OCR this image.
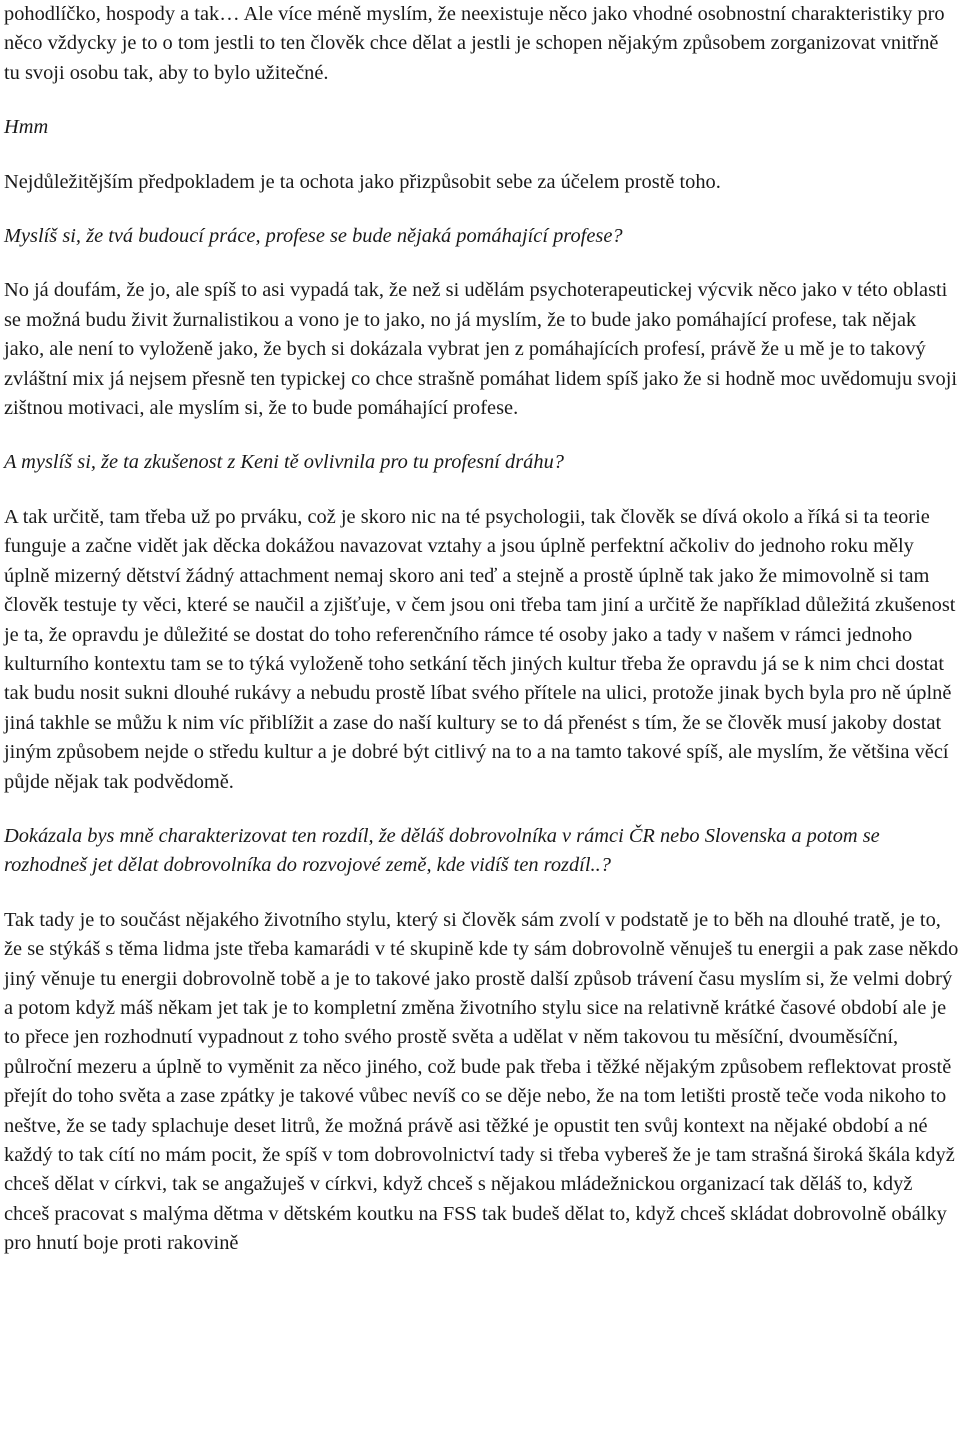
pohodlíčko, hospody a tak… Ale více méně myslím, že neexistuje něco jako vhodné osobnostní charakteristiky pro něco vždycky je to o tom jestli to ten člověk chce dělat a jestli je schopen nějakým způsobem zorganizovat vnitřně tu svoji osobu tak, aby to bylo užitečné.

Hmm

Nejdůležitějším předpokladem je ta ochota jako přizpůsobit sebe za účelem prostě toho.

Myslíš si, že tvá budoucí práce, profese se bude nějaká pomáhající profese?

No já doufám, že jo, ale spíš to asi vypadá tak, že než si udělám psychoterapeutickej výcvik něco jako v této oblasti se možná budu živit žurnalistikou a vono je to jako, no já myslím, že to bude jako pomáhající profese, tak nějak jako, ale není to vyloženě jako, že bych si dokázala vybrat jen z pomáhajících profesí, právě že u mě je to takový zvláštní mix já nejsem přesně ten typickej co chce strašně pomáhat lidem spíš jako že si hodně moc uvědomuju svoji zištnou motivaci, ale myslím si, že to bude pomáhající profese.

A myslíš si, že ta zkušenost z Keni tě ovlivnila pro tu profesní dráhu?

A tak určitě, tam třeba už po prváku, což je skoro nic na té psychologii, tak člověk se dívá okolo a říká si ta teorie funguje a začne vidět jak děcka dokážou navazovat vztahy a jsou úplně perfektní ačkoliv do jednoho roku měly úplně mizerný dětství žádný attachment nemaj skoro ani teď a stejně a prostě úplně tak jako že mimovolně si tam člověk testuje ty věci, které se naučil a zjišťuje, v čem jsou oni třeba tam jiní a určitě že například důležitá zkušenost je ta, že opravdu je důležité se dostat do toho referenčního rámce té osoby jako a tady v našem v rámci jednoho kulturního kontextu tam se to týká vyloženě toho setkání těch jiných kultur třeba že opravdu já se k nim chci dostat tak budu nosit sukni dlouhé rukávy a nebudu prostě líbat svého přítele na ulici, protože jinak bych byla pro ně úplně jiná takhle se můžu k nim víc přiblížit a zase do naší kultury se to dá přenést s tím, že se člověk musí jakoby dostat jiným způsobem nejde o středu kultur a je dobré být citlivý na to a na tamto takové spíš, ale myslím, že většina věcí půjde nějak tak podvědomě.

Dokázala bys mně charakterizovat ten rozdíl, že děláš dobrovolníka v rámci ČR nebo Slovenska a potom se rozhodneš jet dělat dobrovolníka do rozvojové země, kde vidíš ten rozdíl..?

Tak tady je to součást nějakého životního stylu, který si člověk sám zvolí v podstatě je to běh na dlouhé tratě, je to, že se stýkáš s těma lidma jste třeba kamarádi v té skupině kde ty sám dobrovolně věnuješ tu energii a pak zase někdo jiný věnuje tu energii dobrovolně tobě a je to takové jako prostě další způsob trávení času myslím si, že velmi dobrý a potom když máš někam jet tak je to kompletní změna životního stylu sice na relativně krátké časové období ale je to přece jen rozhodnutí vypadnout z toho svého prostě světa a udělat v něm takovou tu měsíční, dvouměsíční, půlroční mezeru a úplně to vyměnit za něco jiného, což bude pak třeba i těžké nějakým způsobem reflektovat prostě přejít do toho světa a zase zpátky je takové vůbec nevíš co se děje nebo, že na tom letišti prostě teče voda nikoho to neštve, že se tady splachuje deset litrů, že možná právě asi těžké je opustit ten svůj kontext na nějaké období a né každý to tak cítí no mám pocit, že spíš v tom dobrovolnictví tady si třeba vybereš že je tam strašná široká škála když chceš dělat v církvi, tak se angažuješ v církvi, když chceš s nějakou mládežnickou organizací tak děláš to, když chceš pracovat s malýma dětma v dětském koutku na FSS tak budeš dělat to, když chceš skládat dobrovolně obálky pro hnutí boje proti rakovině
